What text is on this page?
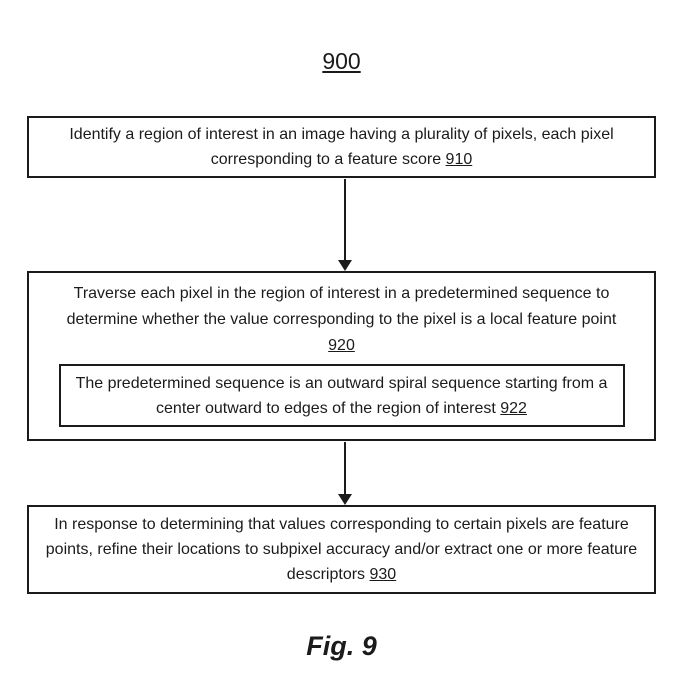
900
Identify a region of interest in an image having a plurality of pixels, each pixel corresponding to a feature score 910
Traverse each pixel in the region of interest in a predetermined sequence to determine whether the value corresponding to the pixel is a local feature point
920
The predetermined sequence is an outward spiral sequence starting from a center outward to edges of the region of interest 922
In response to determining that values corresponding to certain pixels are feature points, refine their locations to subpixel accuracy and/or extract one or more feature descriptors 930
Fig. 9
